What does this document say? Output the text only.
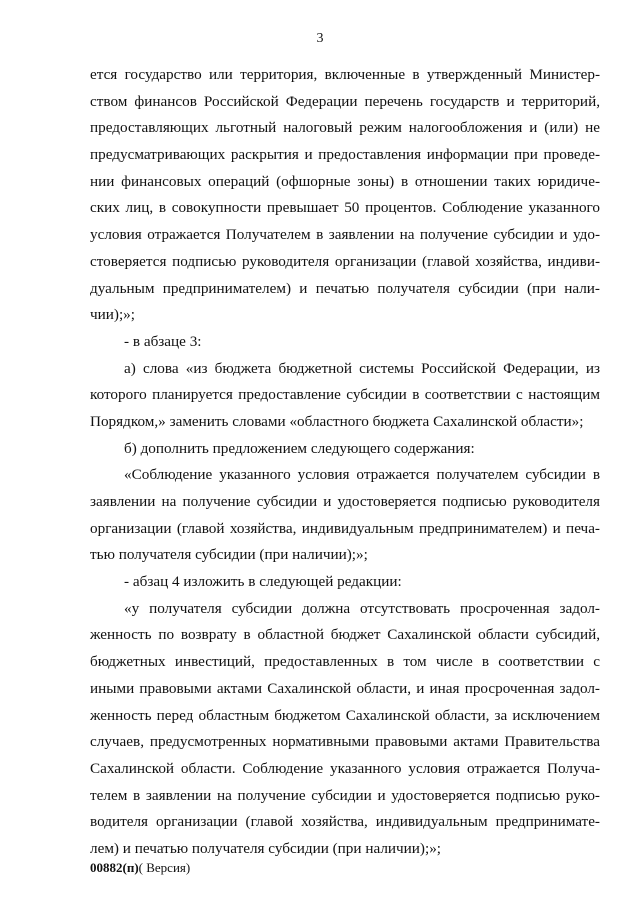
3
ется государство или территория, включенные в утвержденный Министер-
ством финансов Российской Федерации перечень государств и территорий,
предоставляющих льготный налоговый режим налогообложения и (или) не
предусматривающих раскрытия и предоставления информации при проведе-
нии финансовых операций (офшорные зоны) в отношении таких юридиче-
ских лиц, в совокупности превышает 50 процентов. Соблюдение указанного
условия отражается Получателем в заявлении на получение субсидии и удо-
стоверяется подписью руководителя организации (главой хозяйства, индиви-
дуальным предпринимателем) и печатью получателя субсидии (при нали-
чии);»;
- в абзаце 3:
а) слова «из бюджета бюджетной системы Российской Федерации, из
которого планируется предоставление субсидии в соответствии с настоящим
Порядком,» заменить словами «областного бюджета Сахалинской области»;
б) дополнить предложением следующего содержания:
«Соблюдение указанного условия отражается получателем субсидии в
заявлении на получение субсидии и удостоверяется подписью руководителя
организации (главой хозяйства, индивидуальным предпринимателем) и печа-
тью получателя субсидии (при наличии);»;
- абзац 4 изложить в следующей редакции:
«у получателя субсидии должна отсутствовать просроченная задол-
женность по возврату в областной бюджет Сахалинской области субсидий,
бюджетных инвестиций, предоставленных в том числе в соответствии с
иными правовыми актами Сахалинской области, и иная просроченная задол-
женность перед областным бюджетом Сахалинской области, за исключением
случаев, предусмотренных нормативными правовыми актами Правительства
Сахалинской области. Соблюдение указанного условия отражается Получа-
телем в заявлении на получение субсидии и удостоверяется подписью руко-
водителя организации (главой хозяйства, индивидуальным предпринимате-
лем) и печатью получателя субсидии (при наличии);»;
00882(п)( Версия)
